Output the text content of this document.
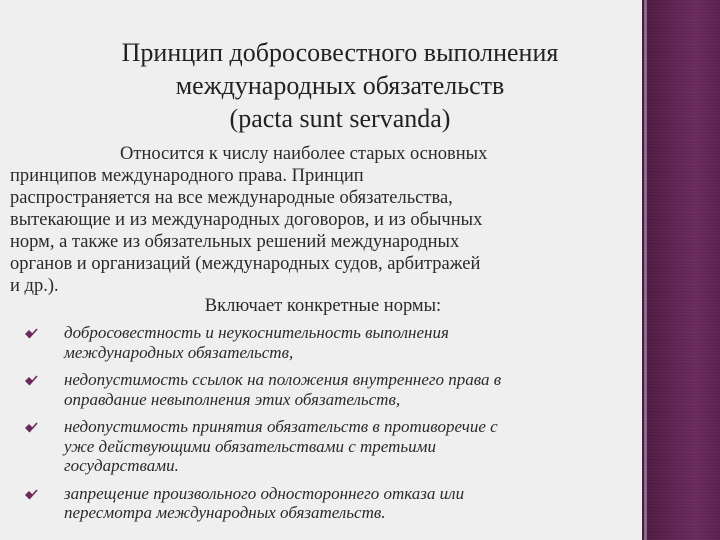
Принцип добросовестного выполнения
международных обязательств
(pacta sunt servanda)
Относится к числу наиболее старых основных
принципов международного права. Принцип
распространяется на все международные обязательства,
вытекающие и из международных договоров, и из обычных
норм, а также из обязательных решений международных
органов и организаций (международных судов, арбитражей
и др.).
Включает конкретные нормы:
добросовестность и неукоснительность выполнения
международных обязательств,
недопустимость ссылок на положения внутреннего права в
оправдание невыполнения этих обязательств,
недопустимость принятия обязательств в противоречие с
уже действующими обязательствами с третьими
государствами.
запрещение произвольного одностороннего отказа или
пересмотра международных обязательств.
